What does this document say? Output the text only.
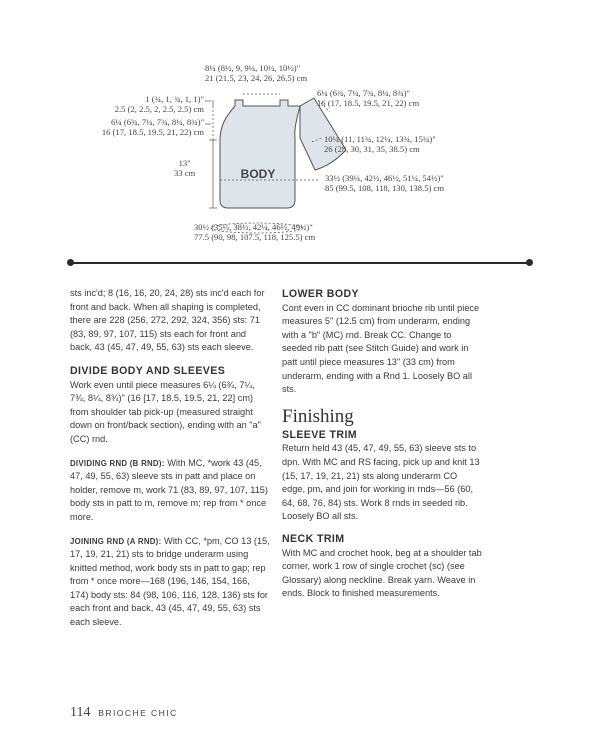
BODY
8¼ (8½, 9, 9¼, 10¼, 10½)"
21 (21.5, 23, 24, 26, 26.5) cm
1 (¾, 1, ¾, 1, 1)"
2.5 (2, 2.5, 2, 2.5, 2.5) cm
6¼ (6¾, 7¼, 7¾, 8¼, 8¾)"
16 (17, 18.5, 19.5, 21, 22) cm
6¼ (6¾, 7¼, 7¾, 8¼, 8¾)"
16 (17, 18.5, 19.5, 21, 22) cm
10¼ (11, 11¾, 12¼, 13¾, 15¼)"
26 (28, 30, 31, 35, 38.5) cm
13"
33 cm	33½ (39¼, 42½, 46½, 51¼, 54½)"
85 (99.5, 108, 118, 130, 138.5) cm
30½ (35½, 38½, 42¼, 46½, 49½)"
77.5 (90, 98, 107.5, 118, 125.5) cm

sts inc'd; 8 (16, 16, 20, 24, 28) sts inc'd each for front and back. When all shaping is completed, there are 228 (256, 272, 292, 324, 356) sts: 71 (83, 89, 97, 107, 115) sts each for front and back, 43 (45, 47, 49, 55, 63) sts each sleeve.

DIVIDE BODY AND SLEEVES

Work even until piece measures 6¼ (6¾, 7¼, 7¾, 8¼, 8¾)" (16 [17, 18.5, 19.5, 21, 22] cm) from shoulder tab pick-up (measured straight down on front/back section), ending with an "a" (CC) rnd.

DIVIDING RND (B RND): With MC, *work 43 (45, 47, 49, 55, 63) sleeve sts in patt and place on holder, remove m, work 71 (83, 89, 97, 107, 115) body sts in patt to m, remove m; rep from * once more.

JOINING RND (A RND): With CC, *pm, CO 13 (15, 17, 19, 21, 21) sts to bridge underarm using knitted method, work body sts in patt to gap; rep from * once more—168 (196, 146, 154, 166, 174) body sts: 84 (98, 106, 116, 128, 136) sts for each front and back, 43 (45, 47, 49, 55, 63) sts each sleeve.

LOWER BODY

Cont even in CC dominant brioche rib until piece measures 5" (12.5 cm) from underarm, ending with a "b" (MC) rnd. Break CC. Change to seeded rib patt (see Stitch Guide) and work in patt until piece measures 13" (33 cm) from underarm, ending with a Rnd 1. Loosely BO all sts.

Finishing

SLEEVE TRIM

Return held 43 (45, 47, 49, 55, 63) sleeve sts to dpn. With MC and RS facing, pick up and knit 13 (15, 17, 19, 21, 21) sts along underarm CO edge, pm, and join for working in rnds—56 (60, 64, 68, 76, 84) sts. Work 8 rnds in seeded rib. Loosely BO all sts.

NECK TRIM

With MC and crochet hook, beg at a shoulder tab corner, work 1 row of single crochet (sc) (see Glossary) along neckline. Break yarn. Weave in ends. Block to finished measurements.

114 BRIOCHE CHIC
